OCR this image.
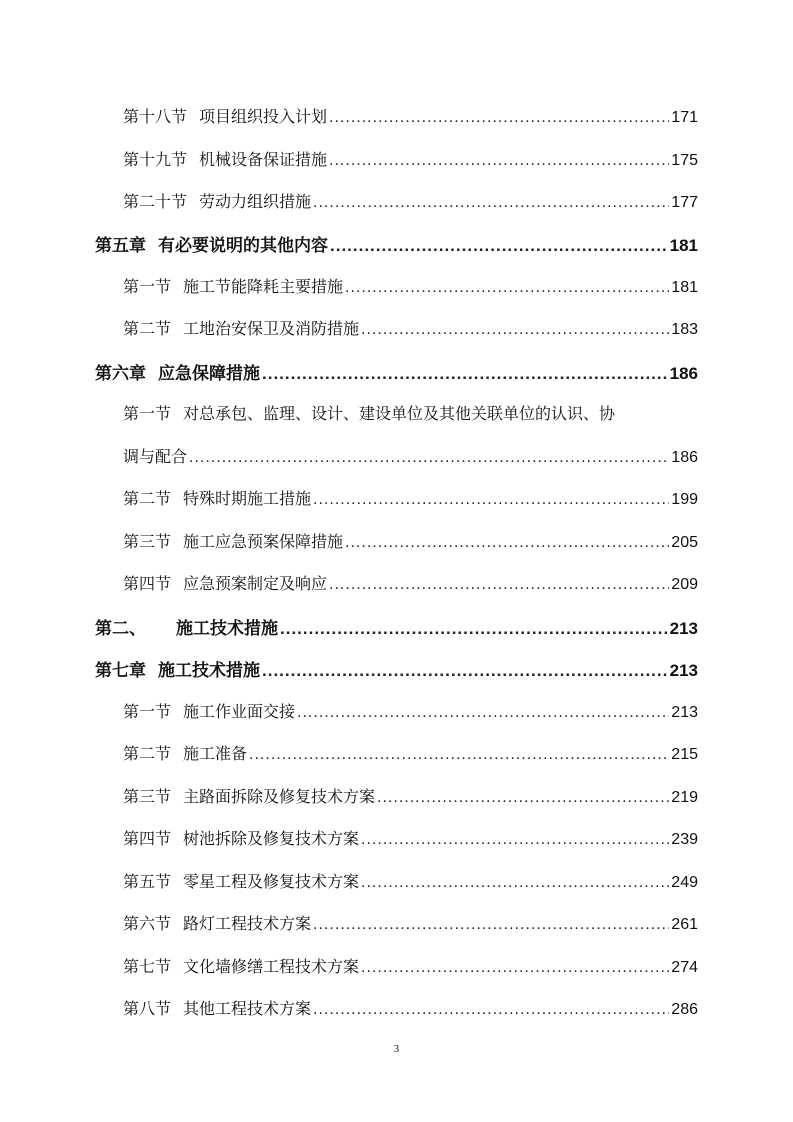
第十八节 项目组织投入计划 .....	171
第十九节 机械设备保证措施 .....	175
第二十节 劳动力组织措施 .....	177
第五章 有必要说明的其他内容 .....	181
第一节 施工节能降耗主要措施 .....	181
第二节 工地治安保卫及消防措施 .....	183
第六章 应急保障措施 .....	186
第一节 对总承包、监理、设计、建设单位及其他关联单位的认识、协
调与配合 .....	186
第二节 特殊时期施工措施 .....	199
第三节 施工应急预案保障措施 .....	205
第四节 应急预案制定及响应 .....	209
第二、 施工技术措施 .....	213
第七章 施工技术措施 .....	213
第一节 施工作业面交接 .....	213
第二节 施工准备 .....	215
第三节 主路面拆除及修复技术方案 .....	219
第四节 树池拆除及修复技术方案 .....	239
第五节 零星工程及修复技术方案 .....	249
第六节 路灯工程技术方案 .....	261
第七节 文化墙修缮工程技术方案 .....	274
第八节 其他工程技术方案 .....	286
3
